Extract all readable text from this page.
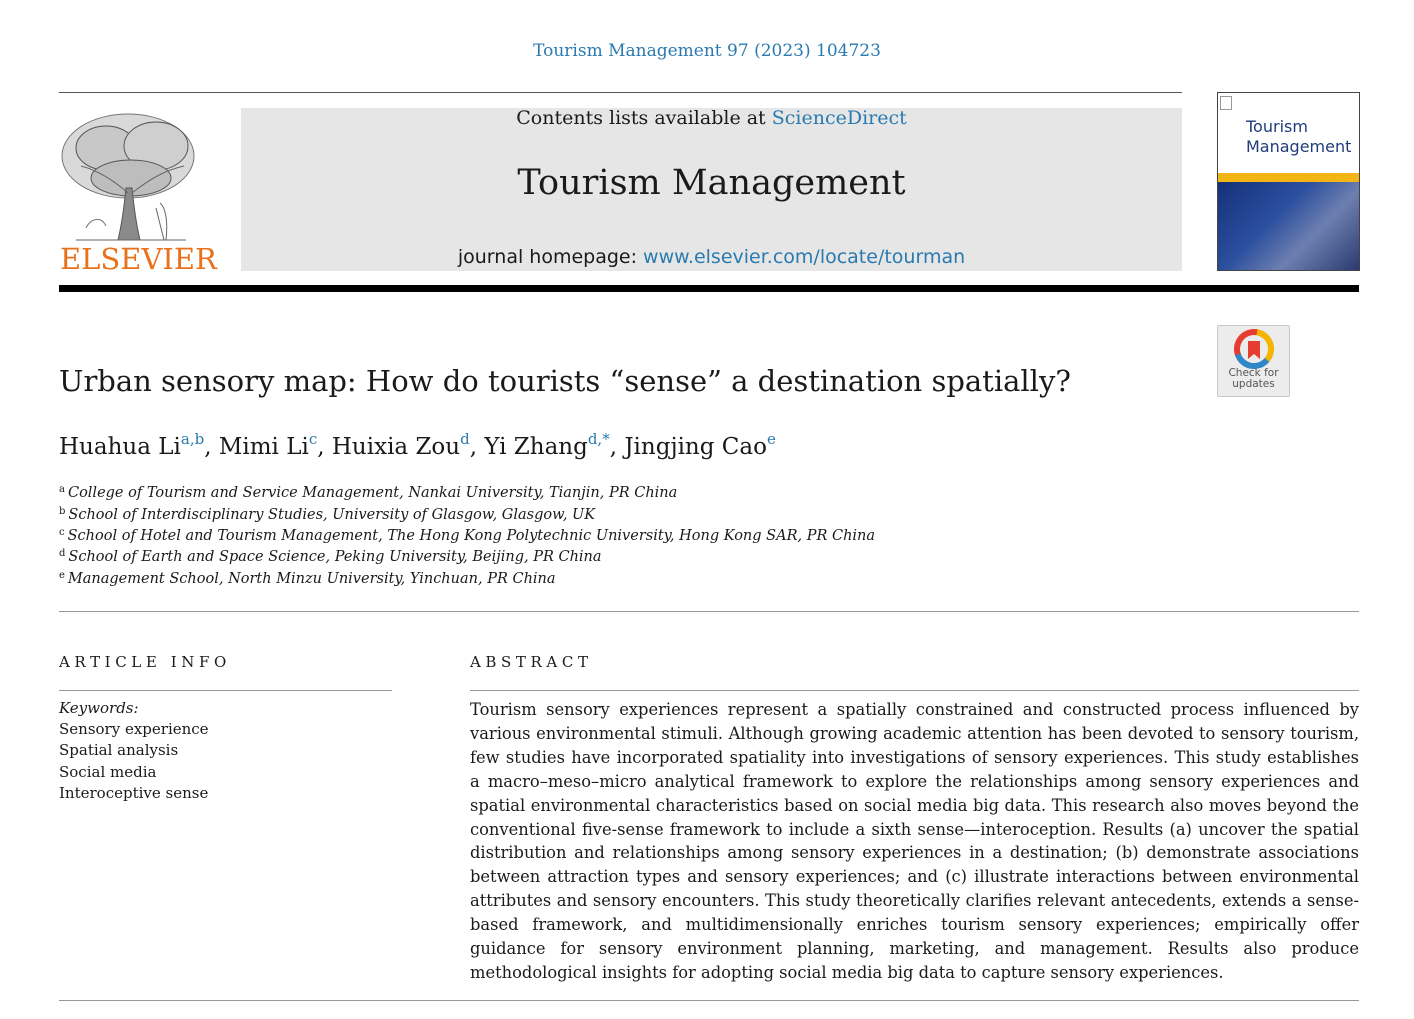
Tourism Management 97 (2023) 104723
ELSEVIER
Contents lists available at ScienceDirect
Tourism Management
journal homepage: www.elsevier.com/locate/tourman
Tourism
Management
Check for
updates
Urban sensory map: How do tourists “sense” a destination spatially?
Huahua Li$^{a,b}$, Mimi Li$^c$, Huixia Zou$^d$, Yi Zhang$^{d,*}$, Jingjing Cao$^e$
$^a$ College of Tourism and Service Management, Nankai University, Tianjin, PR China
$^b$ School of Interdisciplinary Studies, University of Glasgow, Glasgow, UK
$^c$ School of Hotel and Tourism Management, The Hong Kong Polytechnic University, Hong Kong SAR, PR China
$^d$ School of Earth and Space Science, Peking University, Beijing, PR China
$^e$ Management School, North Minzu University, Yinchuan, PR China
ARTICLE INFO	ABSTRACT
Keywords:
Sensory experience
Spatial analysis
Social media
Interoceptive sense
Tourism sensory experiences represent a spatially constrained and constructed process influenced by various environmental stimuli. Although growing academic attention has been devoted to sensory tourism, few studies have incorporated spatiality into investigations of sensory experiences. This study establishes a macro–meso–micro analytical framework to explore the relationships among sensory experiences and spatial environmental characteristics based on social media big data. This research also moves beyond the conventional five-sense framework to include a sixth sense—interoception. Results (a) uncover the spatial distribution and relationships among sensory experiences in a destination; (b) demonstrate associations between attraction types and sensory experiences; and (c) illustrate interactions between environmental attributes and sensory encounters. This study theoretically clarifies relevant antecedents, extends a sense-based framework, and multidimensionally enriches tourism sensory experiences; empirically offer guidance for sensory environment planning, marketing, and management. Results also produce methodological insights for adopting social media big data to capture sensory experiences.
